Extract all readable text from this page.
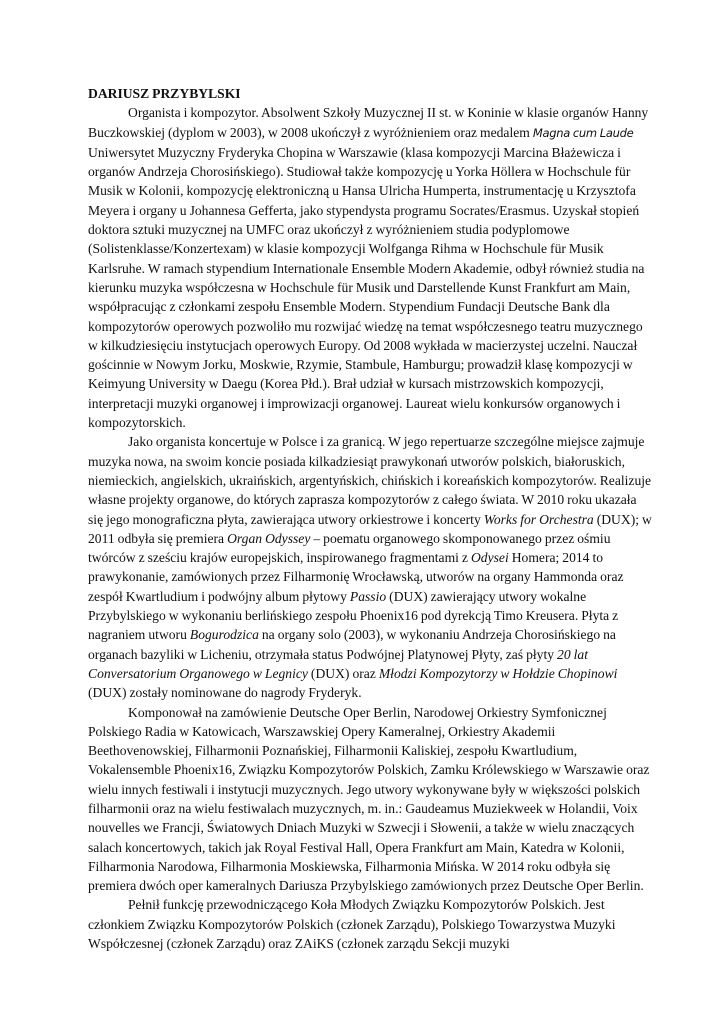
DARIUSZ PRZYBYLSKI

Organista i kompozytor. Absolwent Szkoły Muzycznej II st. w Koninie w klasie organów Hanny Buczkowskiej (dyplom w 2003), w 2008 ukończył z wyróżnieniem oraz medalem Magna cum Laude Uniwersytet Muzyczny Fryderyka Chopina w Warszawie (klasa kompozycji Marcina Błażewicza i organów Andrzeja Chorosińskiego). Studiował także kompozycję u Yorka Höllera w Hochschule für Musik w Kolonii, kompozycję elektroniczną u Hansa Ulricha Humperta, instrumentację u Krzysztofa Meyera i organy u Johannesa Gefferta, jako stypendysta programu Socrates/Erasmus. Uzyskał stopień doktora sztuki muzycznej na UMFC oraz ukończył z wyróżnieniem studia podyplomowe (Solistenklasse/Konzertexam) w klasie kompozycji Wolfganga Rihma w Hochschule für Musik Karlsruhe. W ramach stypendium Internationale Ensemble Modern Akademie, odbył również studia na kierunku muzyka współczesna w Hochschule für Musik und Darstellende Kunst Frankfurt am Main, współpracując z członkami zespołu Ensemble Modern. Stypendium Fundacji Deutsche Bank dla kompozytorów operowych pozwoliło mu rozwijać wiedzę na temat współczesnego teatru muzycznego w kilkudziesięciu instytucjach operowych Europy. Od 2008 wykłada w macierzystej uczelni. Nauczał gościnnie w Nowym Jorku, Moskwie, Rzymie, Stambule, Hamburgu; prowadził klasę kompozycji w Keimyung University w Daegu (Korea Płd.). Brał udział w kursach mistrzowskich kompozycji, interpretacji muzyki organowej i improwizacji organowej. Laureat wielu konkursów organowych i kompozytorskich.

Jako organista koncertuje w Polsce i za granicą. W jego repertuarze szczególne miejsce zajmuje muzyka nowa, na swoim koncie posiada kilkadziesiąt prawykonań utworów polskich, białoruskich, niemieckich, angielskich, ukraińskich, argentyńskich, chińskich i koreańskich kompozytorów. Realizuje własne projekty organowe, do których zaprasza kompozytorów z całego świata. W 2010 roku ukazała się jego monograficzna płyta, zawierająca utwory orkiestrowe i koncerty Works for Orchestra (DUX); w 2011 odbyła się premiera Organ Odyssey – poematu organowego skomponowanego przez ośmiu twórców z sześciu krajów europejskich, inspirowanego fragmentami z Odysei Homera; 2014 to prawykonanie, zamówionych przez Filharmonię Wrocławską, utworów na organy Hammonda oraz zespół Kwartludium i podwójny album płytowy Passio (DUX) zawierający utwory wokalne Przybylskiego w wykonaniu berlińskiego zespołu Phoenix16 pod dyrekcją Timo Kreusera. Płyta z nagraniem utworu Bogurodzica na organy solo (2003), w wykonaniu Andrzeja Chorosińskiego na organach bazyliki w Licheniu, otrzymała status Podwójnej Platynowej Płyty, zaś płyty 20 lat Conversatorium Organowego w Legnicy (DUX) oraz Młodzi Kompozytorzy w Hołdzie Chopinowi (DUX) zostały nominowane do nagrody Fryderyk.

Komponował na zamówienie Deutsche Oper Berlin, Narodowej Orkiestry Symfonicznej Polskiego Radia w Katowicach, Warszawskiej Opery Kameralnej, Orkiestry Akademii Beethovenowskiej, Filharmonii Poznańskiej, Filharmonii Kaliskiej, zespołu Kwartludium, Vokalensemble Phoenix16, Związku Kompozytorów Polskich, Zamku Królewskiego w Warszawie oraz wielu innych festiwali i instytucji muzycznych. Jego utwory wykonywane były w większości polskich filharmonii oraz na wielu festiwalach muzycznych, m. in.: Gaudeamus Muziekweek w Holandii, Voix nouvelles we Francji, Światowych Dniach Muzyki w Szwecji i Słowenii, a także w wielu znaczących salach koncertowych, takich jak Royal Festival Hall, Opera Frankfurt am Main, Katedra w Kolonii, Filharmonia Narodowa, Filharmonia Moskiewska, Filharmonia Mińska. W 2014 roku odbyła się premiera dwóch oper kameralnych Dariusza Przybylskiego zamówionych przez Deutsche Oper Berlin.

Pełnił funkcję przewodniczącego Koła Młodych Związku Kompozytorów Polskich. Jest członkiem Związku Kompozytorów Polskich (członek Zarządu), Polskiego Towarzystwa Muzyki Współczesnej (członek Zarządu) oraz ZAiKS (członek zarządu Sekcji muzyki
